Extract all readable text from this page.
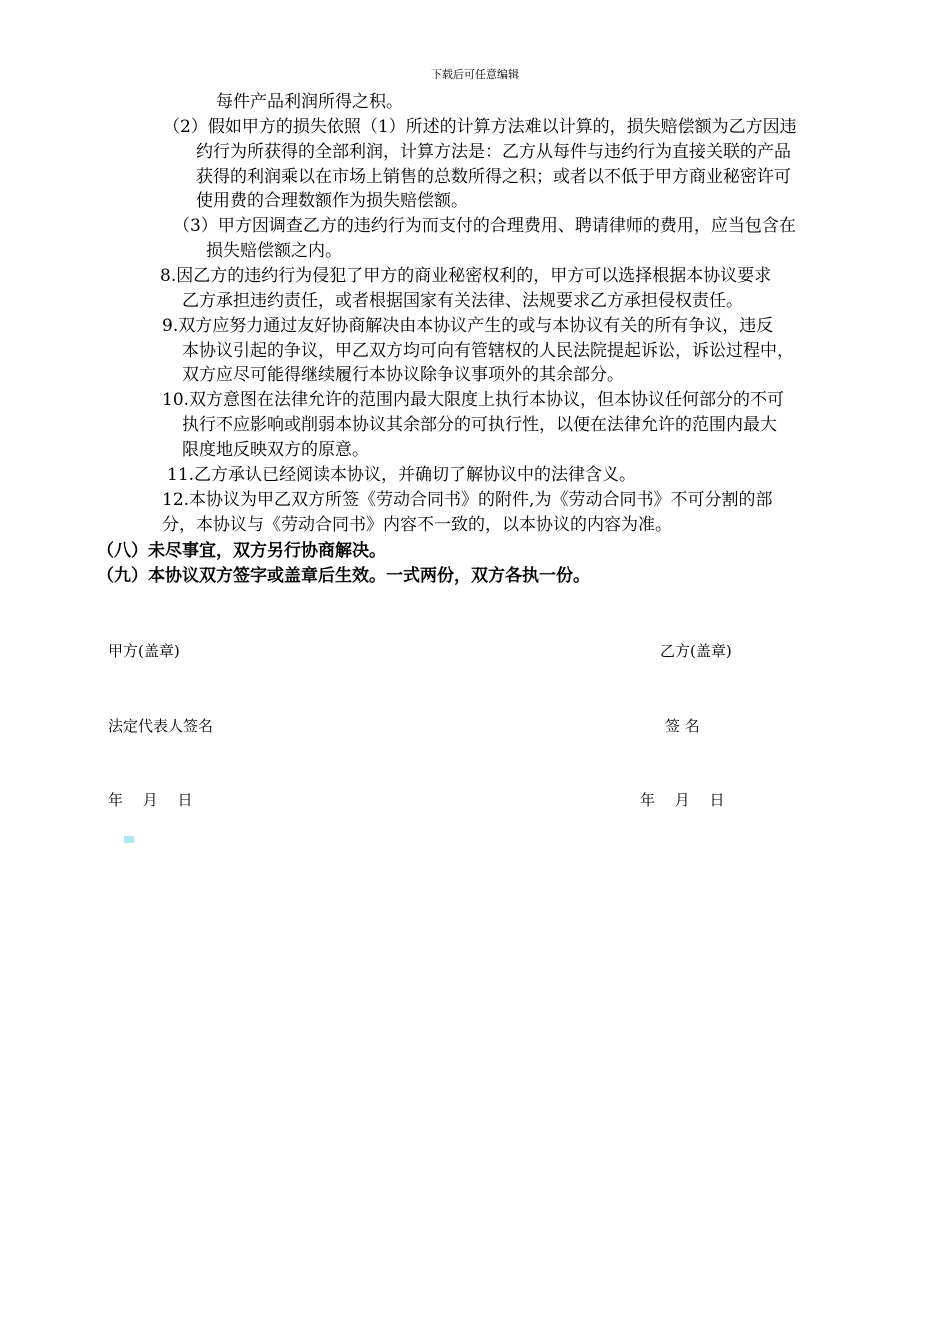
下载后可任意编辑
每件产品利润所得之积。
（2）假如甲方的损失依照（1）所述的计算方法难以计算的，损失赔偿额为乙方因违
约行为所获得的全部利润，计算方法是：乙方从每件与违约行为直接关联的产品
获得的利润乘以在市场上销售的总数所得之积；或者以不低于甲方商业秘密许可
使用费的合理数额作为损失赔偿额。
（3）甲方因调查乙方的违约行为而支付的合理费用、聘请律师的费用，应当包含在
损失赔偿额之内。
8.因乙方的违约行为侵犯了甲方的商业秘密权利的，甲方可以选择根据本协议要求
乙方承担违约责任，或者根据国家有关法律、法规要求乙方承担侵权责任。
9.双方应努力通过友好协商解决由本协议产生的或与本协议有关的所有争议，违反
本协议引起的争议，甲乙双方均可向有管辖权的人民法院提起诉讼，诉讼过程中，
双方应尽可能得继续履行本协议除争议事项外的其余部分。
10.双方意图在法律允许的范围内最大限度上执行本协议，但本协议任何部分的不可
执行不应影响或削弱本协议其余部分的可执行性，以便在法律允许的范围内最大
限度地反映双方的原意。
11.乙方承认已经阅读本协议，并确切了解协议中的法律含义。
12.本协议为甲乙双方所签《劳动合同书》的附件,为《劳动合同书》不可分割的部
分，本协议与《劳动合同书》内容不一致的，以本协议的内容为准。
（八）未尽事宜，双方另行协商解决。
（九）本协议双方签字或盖章后生效。一式两份，双方各执一份。
甲方(盖章)	乙方(盖章)
法定代表人签名	签 名
年　 月　 日	年　 月　 日
